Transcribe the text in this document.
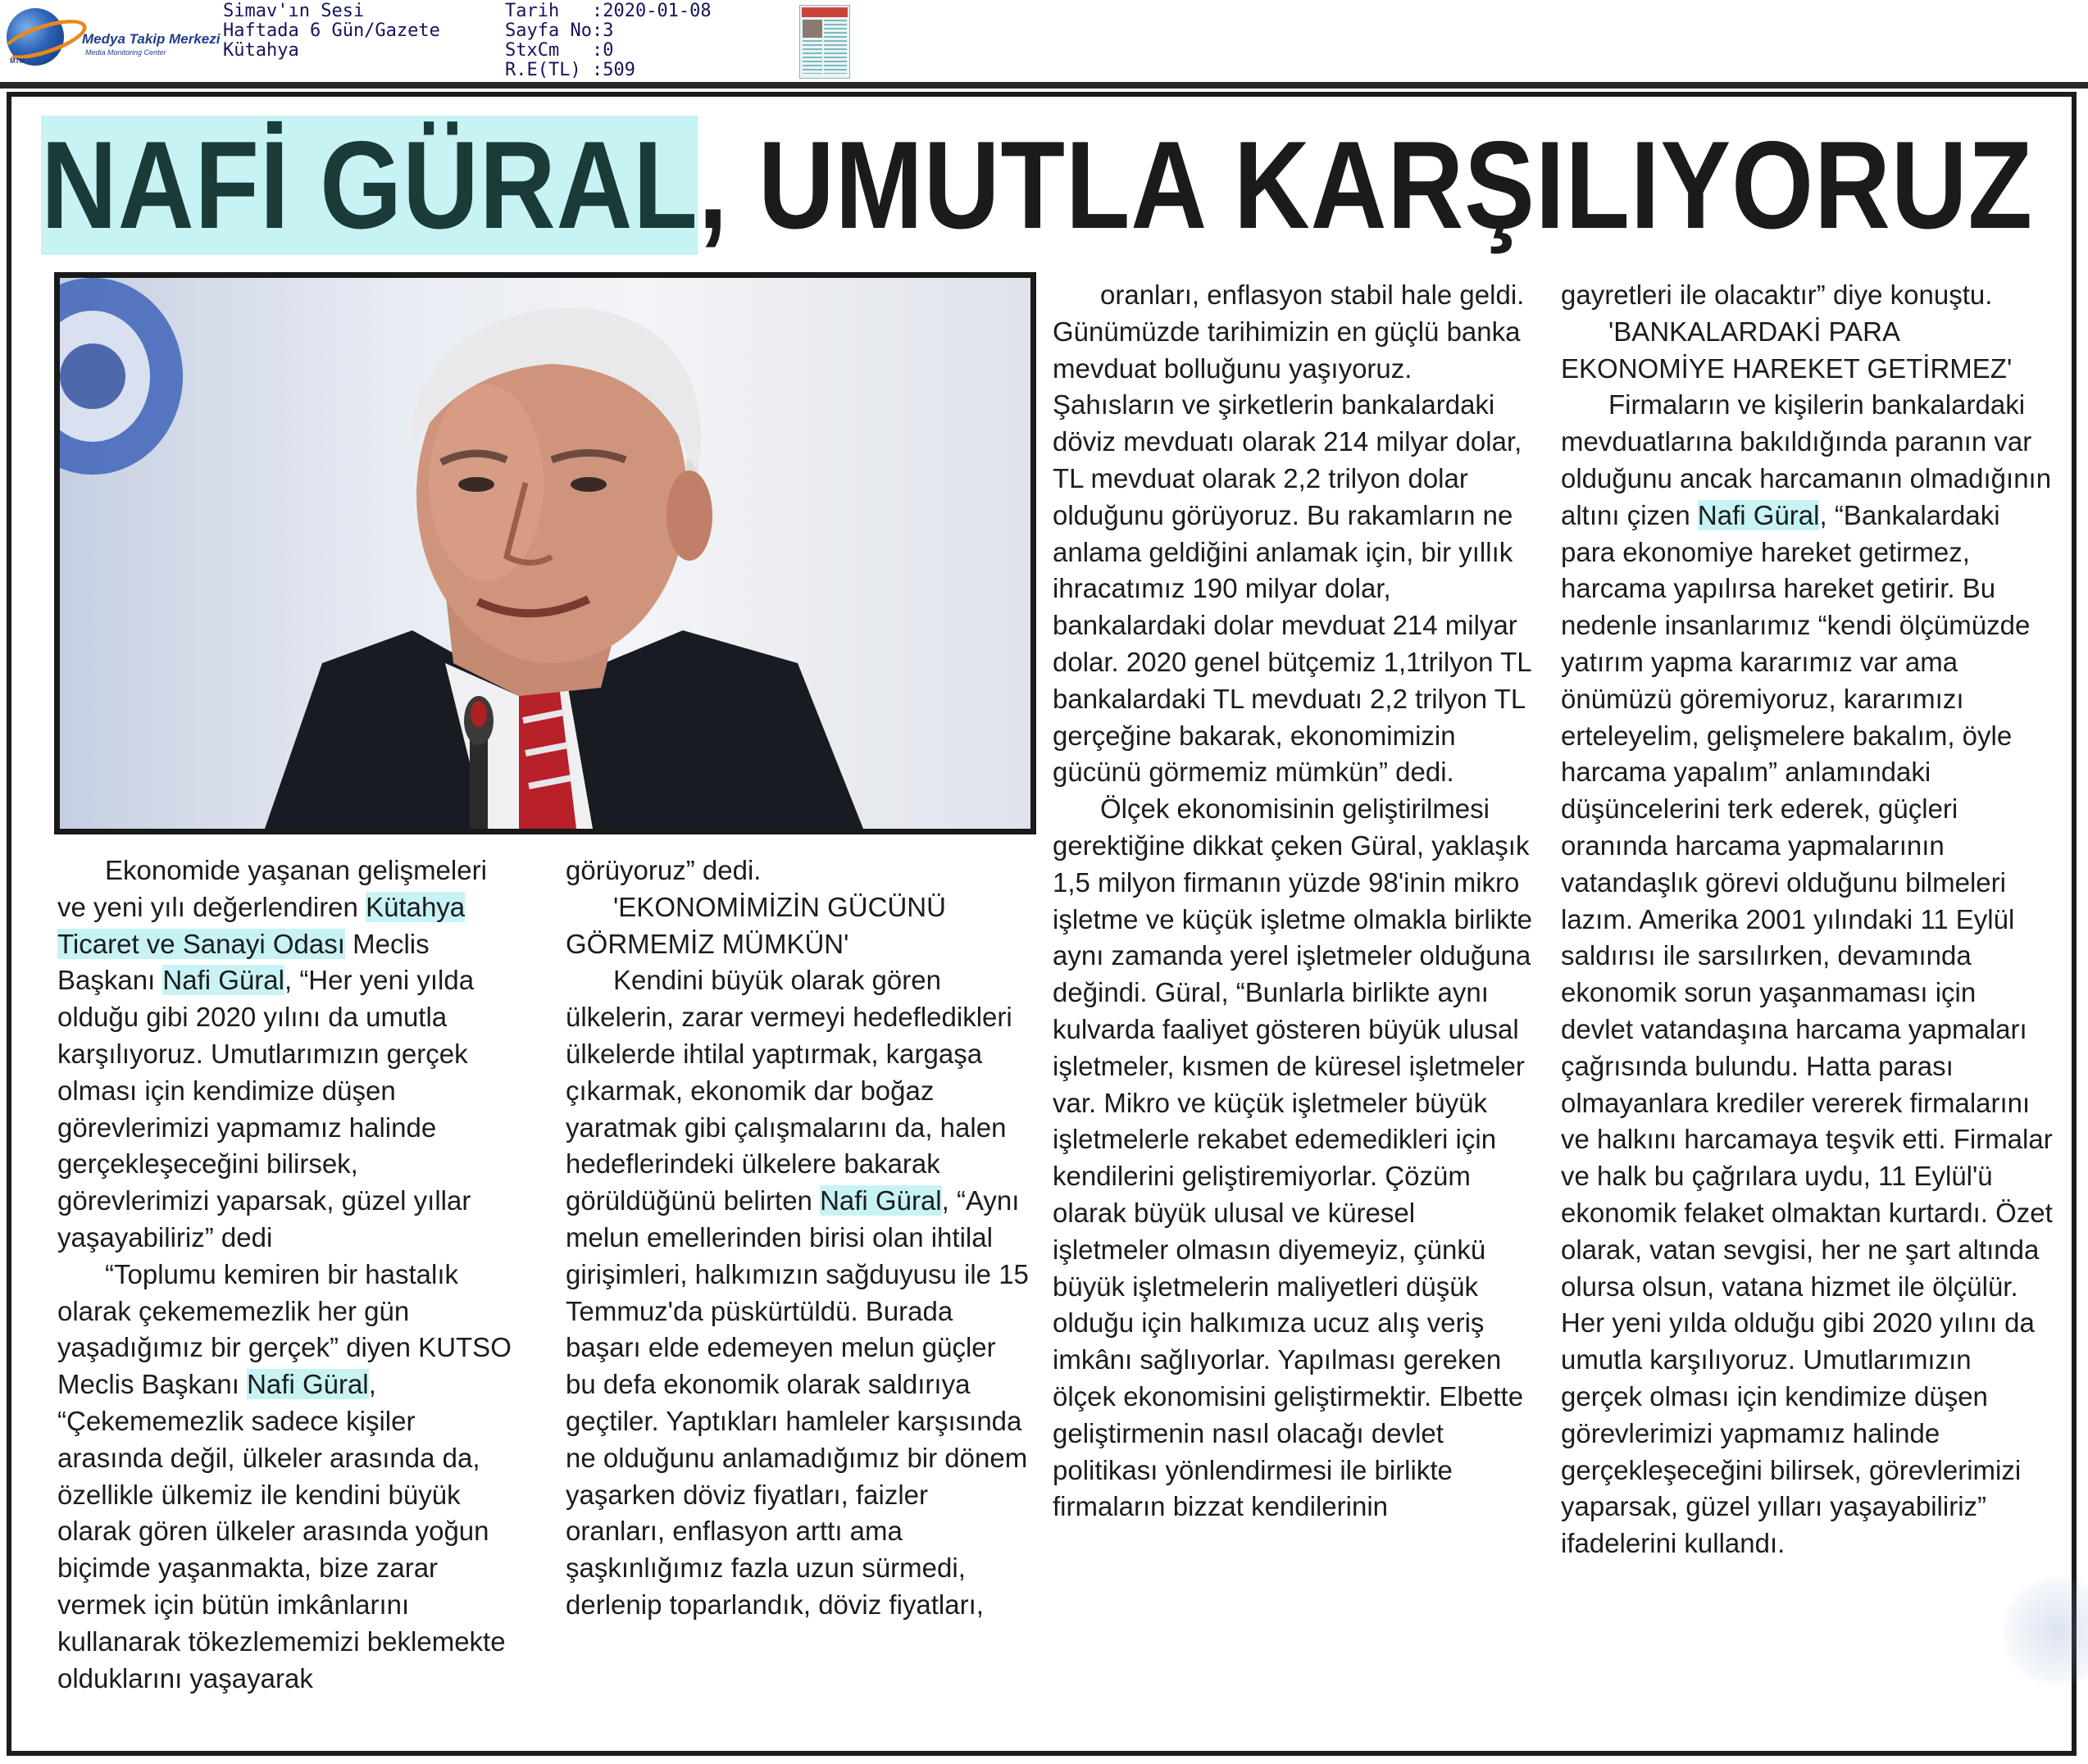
MTM
Medya Takip Merkezi
Media Monitoring Center
Simav'ın Sesi
Haftada 6 Gün/Gazete
Kütahya
Tarih :2020-01-08
Sayfa No:3
StxCm :0
R.E(TL) :509
NAFİ GÜRAL, UMUTLA KARŞILIYORUZ

Ekonomide yaşanan gelişmeleri ve yeni yılı değerlendiren Kütahya Ticaret ve Sanayi Odası Meclis Başkanı Nafi Güral, “Her yeni yılda olduğu gibi 2020 yılını da umutla karşılıyoruz. Umutlarımızın gerçek olması için kendimize düşen görevlerimizi yapmamız halinde gerçekleşeceğini bilirsek, görevlerimizi yaparsak, güzel yıllar yaşayabiliriz” dedi

“Toplumu kemiren bir hastalık olarak çekememezlik her gün yaşadığımız bir gerçek” diyen KUTSO Meclis Başkanı Nafi Güral, “Çekememezlik sadece kişiler arasında değil, ülkeler arasında da, özellikle ülkemiz ile kendini büyük olarak gören ülkeler arasında yoğun biçimde yaşanmakta, bize zarar vermek için bütün imkânlarını kullanarak tökezlememizi beklemekte olduklarını yaşayarak

görüyoruz” dedi.

'EKONOMİMİZİN GÜCÜNÜ GÖRMEMİZ MÜMKÜN'

Kendini büyük olarak gören ülkelerin, zarar vermeyi hedefledikleri ülkelerde ihtilal yaptırmak, kargaşa çıkarmak, ekonomik dar boğaz yaratmak gibi çalışmalarını da, halen hedeflerindeki ülkelere bakarak görüldüğünü belirten Nafi Güral, “Aynı melun emellerinden birisi olan ihtilal girişimleri, halkımızın sağduyusu ile 15 Temmuz'da püskürtüldü. Burada başarı elde edemeyen melun güçler bu defa ekonomik olarak saldırıya geçtiler. Yaptıkları hamleler karşısında ne olduğunu anlamadığımız bir dönem yaşarken döviz fiyatları, faizler oranları, enflasyon arttı ama şaşkınlığımız fazla uzun sürmedi, derlenip toparlandık, döviz fiyatları,

oranları, enflasyon stabil hale geldi. Günümüzde tarihimizin en güçlü banka mevduat bolluğunu yaşıyoruz. Şahısların ve şirketlerin bankalardaki döviz mevduatı olarak 214 milyar dolar, TL mevduat olarak 2,2 trilyon dolar olduğunu görüyoruz. Bu rakamların ne anlama geldiğini anlamak için, bir yıllık ihracatımız 190 milyar dolar, bankalardaki dolar mevduat 214 milyar dolar. 2020 genel bütçemiz 1,1trilyon TL bankalardaki TL mevduatı 2,2 trilyon TL gerçeğine bakarak, ekonomimizin gücünü görmemiz mümkün” dedi.

Ölçek ekonomisinin geliştirilmesi gerektiğine dikkat çeken Güral, yaklaşık 1,5 milyon firmanın yüzde 98'inin mikro işletme ve küçük işletme olmakla birlikte aynı zamanda yerel işletmeler olduğuna değindi. Güral, “Bunlarla birlikte aynı kulvarda faaliyet gösteren büyük ulusal işletmeler, kısmen de küresel işletmeler var. Mikro ve küçük işletmeler büyük işletmelerle rekabet edemedikleri için kendilerini geliştiremiyorlar. Çözüm olarak büyük ulusal ve küresel işletmeler olmasın diyemeyiz, çünkü büyük işletmelerin maliyetleri düşük olduğu için halkımıza ucuz alış veriş imkânı sağlıyorlar. Yapılması gereken ölçek ekonomisini geliştirmektir. Elbette geliştirmenin nasıl olacağı devlet politikası yönlendirmesi ile birlikte firmaların bizzat kendilerinin

gayretleri ile olacaktır” diye konuştu.

'BANKALARDAKİ PARA EKONOMİYE HAREKET GETİRMEZ'

Firmaların ve kişilerin bankalardaki mevduatlarına bakıldığında paranın var olduğunu ancak harcamanın olmadığının altını çizen Nafi Güral, “Bankalardaki para ekonomiye hareket getirmez, harcama yapılırsa hareket getirir. Bu nedenle insanlarımız “kendi ölçümüzde yatırım yapma kararımız var ama önümüzü göremiyoruz, kararımızı erteleyelim, gelişmelere bakalım, öyle harcama yapalım” anlamındaki düşüncelerini terk ederek, güçleri oranında harcama yapmalarının vatandaşlık görevi olduğunu bilmeleri lazım. Amerika 2001 yılındaki 11 Eylül saldırısı ile sarsılırken, devamında ekonomik sorun yaşanmaması için devlet vatandaşına harcama yapmaları çağrısında bulundu. Hatta parası olmayanlara krediler vererek firmalarını ve halkını harcamaya teşvik etti. Firmalar ve halk bu çağrılara uydu, 11 Eylül'ü ekonomik felaket olmaktan kurtardı. Özet olarak, vatan sevgisi, her ne şart altında olursa olsun, vatana hizmet ile ölçülür. Her yeni yılda olduğu gibi 2020 yılını da umutla karşılıyoruz. Umutlarımızın gerçek olması için kendimize düşen görevlerimizi yapmamız halinde gerçekleşeceğini bilirsek, görevlerimizi yaparsak, güzel yılları yaşayabiliriz” ifadelerini kullandı.
